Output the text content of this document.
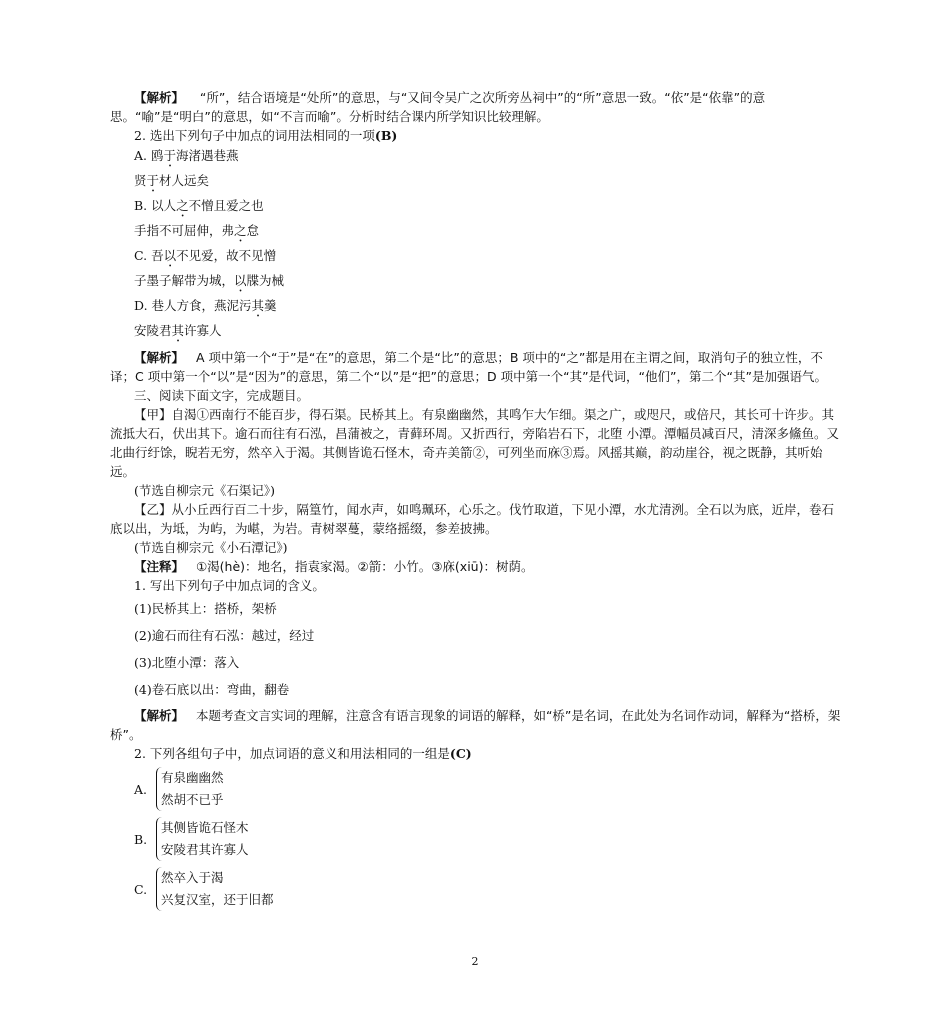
【解析】 “所”，结合语境是“处所”的意思，与“又间令吴广之次所旁丛祠中”的“所”意思一致。“依”是“依靠”的意思。“喻”是“明白”的意思，如“不言而喻”。分析时结合课内所学知识比较理解。

2. 选出下列句子中加点的词用法相同的一项(B)

A. 鸥于海渚遇巷燕

贤于材人远矣

B. 以人之不憎且爱之也

手指不可屈伸，弗之怠

C. 吾以不见爱，故不见憎

子墨子解带为城，以牒为械

D. 巷人方食，燕泥污其羹

安陵君其许寡人

【解析】 A 项中第一个“于”是“在”的意思，第二个是“比”的意思；B 项中的“之”都是用在主谓之间，取消句子的独立性，不译；C 项中第一个“以”是“因为”的意思，第二个“以”是“把”的意思；D 项中第一个“其”是代词，“他们”，第二个“其”是加强语气。

三、阅读下面文字，完成题目。

【甲】自渴①西南行不能百步，得石渠。民桥其上。有泉幽幽然，其鸣乍大乍细。渠之广，或咫尺，或倍尺，其长可十许步。其流抵大石，伏出其下。逾石而往有石泓，昌蒲被之，青藓环周。又折西行，旁陷岩石下，北堕 小潭。潭幅员减百尺，清深多鯈鱼。又北曲行纡馀，睨若无穷，然卒入于渴。其侧皆诡石怪木，奇卉美箭②，可列坐而庥③焉。风摇其巅，韵动崖谷，视之既静，其听始远。

(节选自柳宗元《石渠记》)

【乙】从小丘西行百二十步，隔篁竹，闻水声，如鸣珮环，心乐之。伐竹取道，下见小潭，水尤清洌。全石以为底，近岸，卷石底以出，为坻，为屿，为嵁，为岩。青树翠蔓，蒙络摇缀，参差披拂。

(节选自柳宗元《小石潭记》)

【注释】 ①渴(hè)：地名，指袁家渴。②箭：小竹。③庥(xiū)：树荫。

1. 写出下列句子中加点词的含义。

(1)民桥其上：搭桥，架桥
(2)逾石而往有石泓：越过，经过
(3)北堕小潭：落入
(4)卷石底以出：弯曲，翻卷

【解析】 本题考查文言实词的理解，注意含有语言现象的词语的解释，如“桥”是名词，在此处为名词作动词，解释为“搭桥，架桥”。

2. 下列各组句子中，加点词语的意义和用法相同的一组是(C)

A.
有泉幽幽然
然胡不已乎
B.
其侧皆诡石怪木
安陵君其许寡人
C.
然卒入于渴
兴复汉室，还于旧都
2
